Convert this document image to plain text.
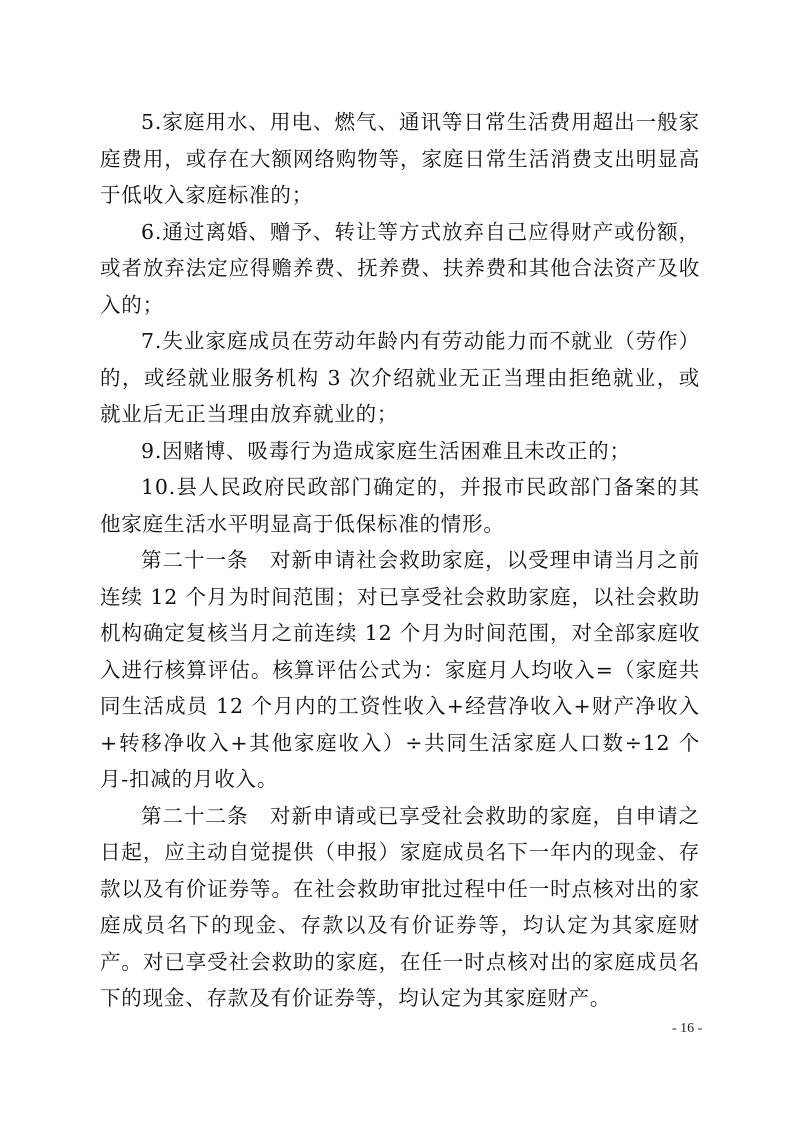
5.家庭用水、用电、燃气、通讯等日常生活费用超出一般家庭费用，或存在大额网络购物等，家庭日常生活消费支出明显高于低收入家庭标准的；

6.通过离婚、赠予、转让等方式放弃自己应得财产或份额，或者放弃法定应得赡养费、抚养费、扶养费和其他合法资产及收入的；

7.失业家庭成员在劳动年龄内有劳动能力而不就业（劳作）的，或经就业服务机构 3 次介绍就业无正当理由拒绝就业，或就业后无正当理由放弃就业的；

9.因赌博、吸毒行为造成家庭生活困难且未改正的；

10.县人民政府民政部门确定的，并报市民政部门备案的其他家庭生活水平明显高于低保标准的情形。

第二十一条　对新申请社会救助家庭，以受理申请当月之前连续 12 个月为时间范围；对已享受社会救助家庭，以社会救助机构确定复核当月之前连续 12 个月为时间范围，对全部家庭收入进行核算评估。核算评估公式为：家庭月人均收入=（家庭共同生活成员 12 个月内的工资性收入+经营净收入+财产净收入+转移净收入+其他家庭收入）÷共同生活家庭人口数÷12 个月-扣减的月收入。

第二十二条　对新申请或已享受社会救助的家庭，自申请之日起，应主动自觉提供（申报）家庭成员名下一年内的现金、存款以及有价证券等。在社会救助审批过程中任一时点核对出的家庭成员名下的现金、存款以及有价证券等，均认定为其家庭财产。对已享受社会救助的家庭，在任一时点核对出的家庭成员名下的现金、存款及有价证券等，均认定为其家庭财产。

- 16 -
